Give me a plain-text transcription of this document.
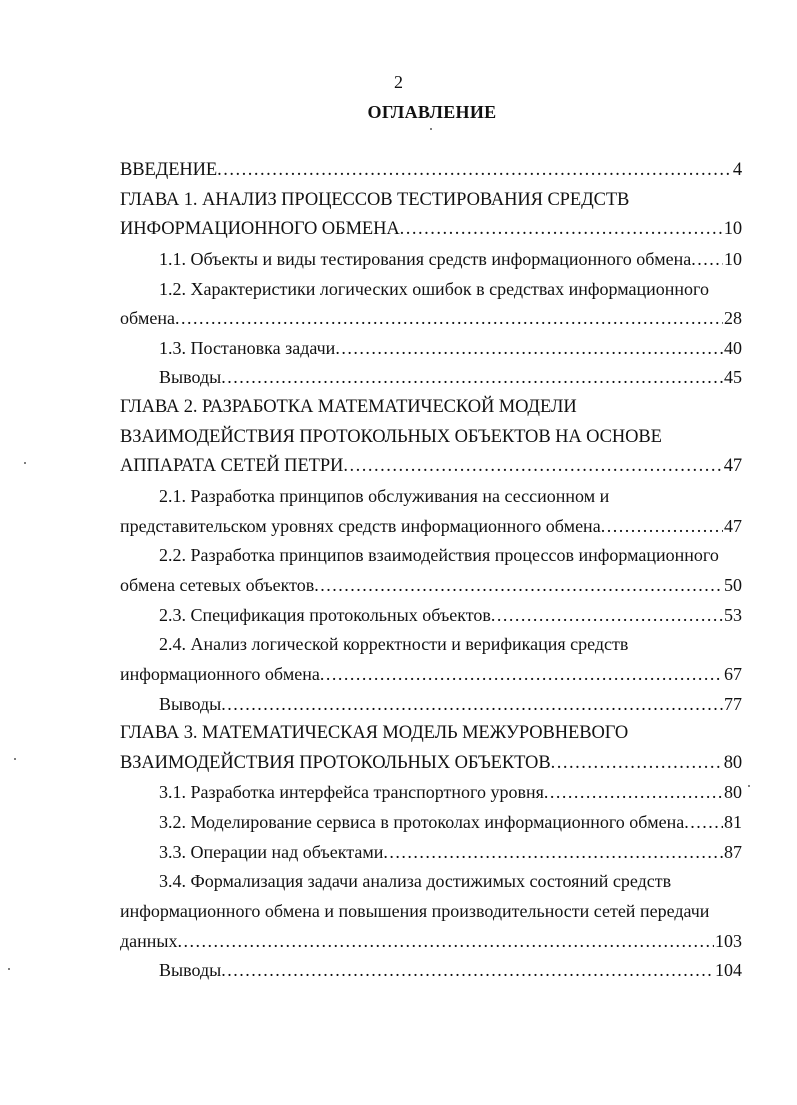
2
ОГЛАВЛЕНИЕ
ВВЕДЕНИЕ .....	4
ГЛАВА 1. АНАЛИЗ ПРОЦЕССОВ ТЕСТИРОВАНИЯ СРЕДСТВ
ИНФОРМАЦИОННОГО ОБМЕНА .....	10
1.1. Объекты и виды тестирования средств информационного обмена ..... 10
1.2. Характеристики логических ошибок в средствах информационного
обмена .....	28
1.3. Постановка задачи .....	40
Выводы .....	45
ГЛАВА 2. РАЗРАБОТКА МАТЕМАТИЧЕСКОЙ МОДЕЛИ
ВЗАИМОДЕЙСТВИЯ ПРОТОКОЛЬНЫХ ОБЪЕКТОВ НА ОСНОВЕ
АППАРАТА СЕТЕЙ ПЕТРИ .....	47
2.1. Разработка принципов обслуживания на сессионном и
представительском уровнях средств информационного обмена .....	47
2.2. Разработка принципов взаимодействия процессов информационного
обмена сетевых объектов .....	50
2.3. Спецификация протокольных объектов .....	53
2.4. Анализ логической корректности и верификация средств
информационного обмена .....	67
Выводы .....	77
ГЛАВА 3. МАТЕМАТИЧЕСКАЯ МОДЕЛЬ МЕЖУРОВНЕВОГО
ВЗАИМОДЕЙСТВИЯ ПРОТОКОЛЬНЫХ ОБЪЕКТОВ .....	80
3.1. Разработка интерфейса транспортного уровня .....	80
3.2. Моделирование сервиса в протоколах информационного обмена ..... 81
3.3. Операции над объектами .....	87
3.4. Формализация задачи анализа достижимых состояний средств
информационного обмена и повышения производительности сетей передачи
данных .....	103
Выводы .....	104
